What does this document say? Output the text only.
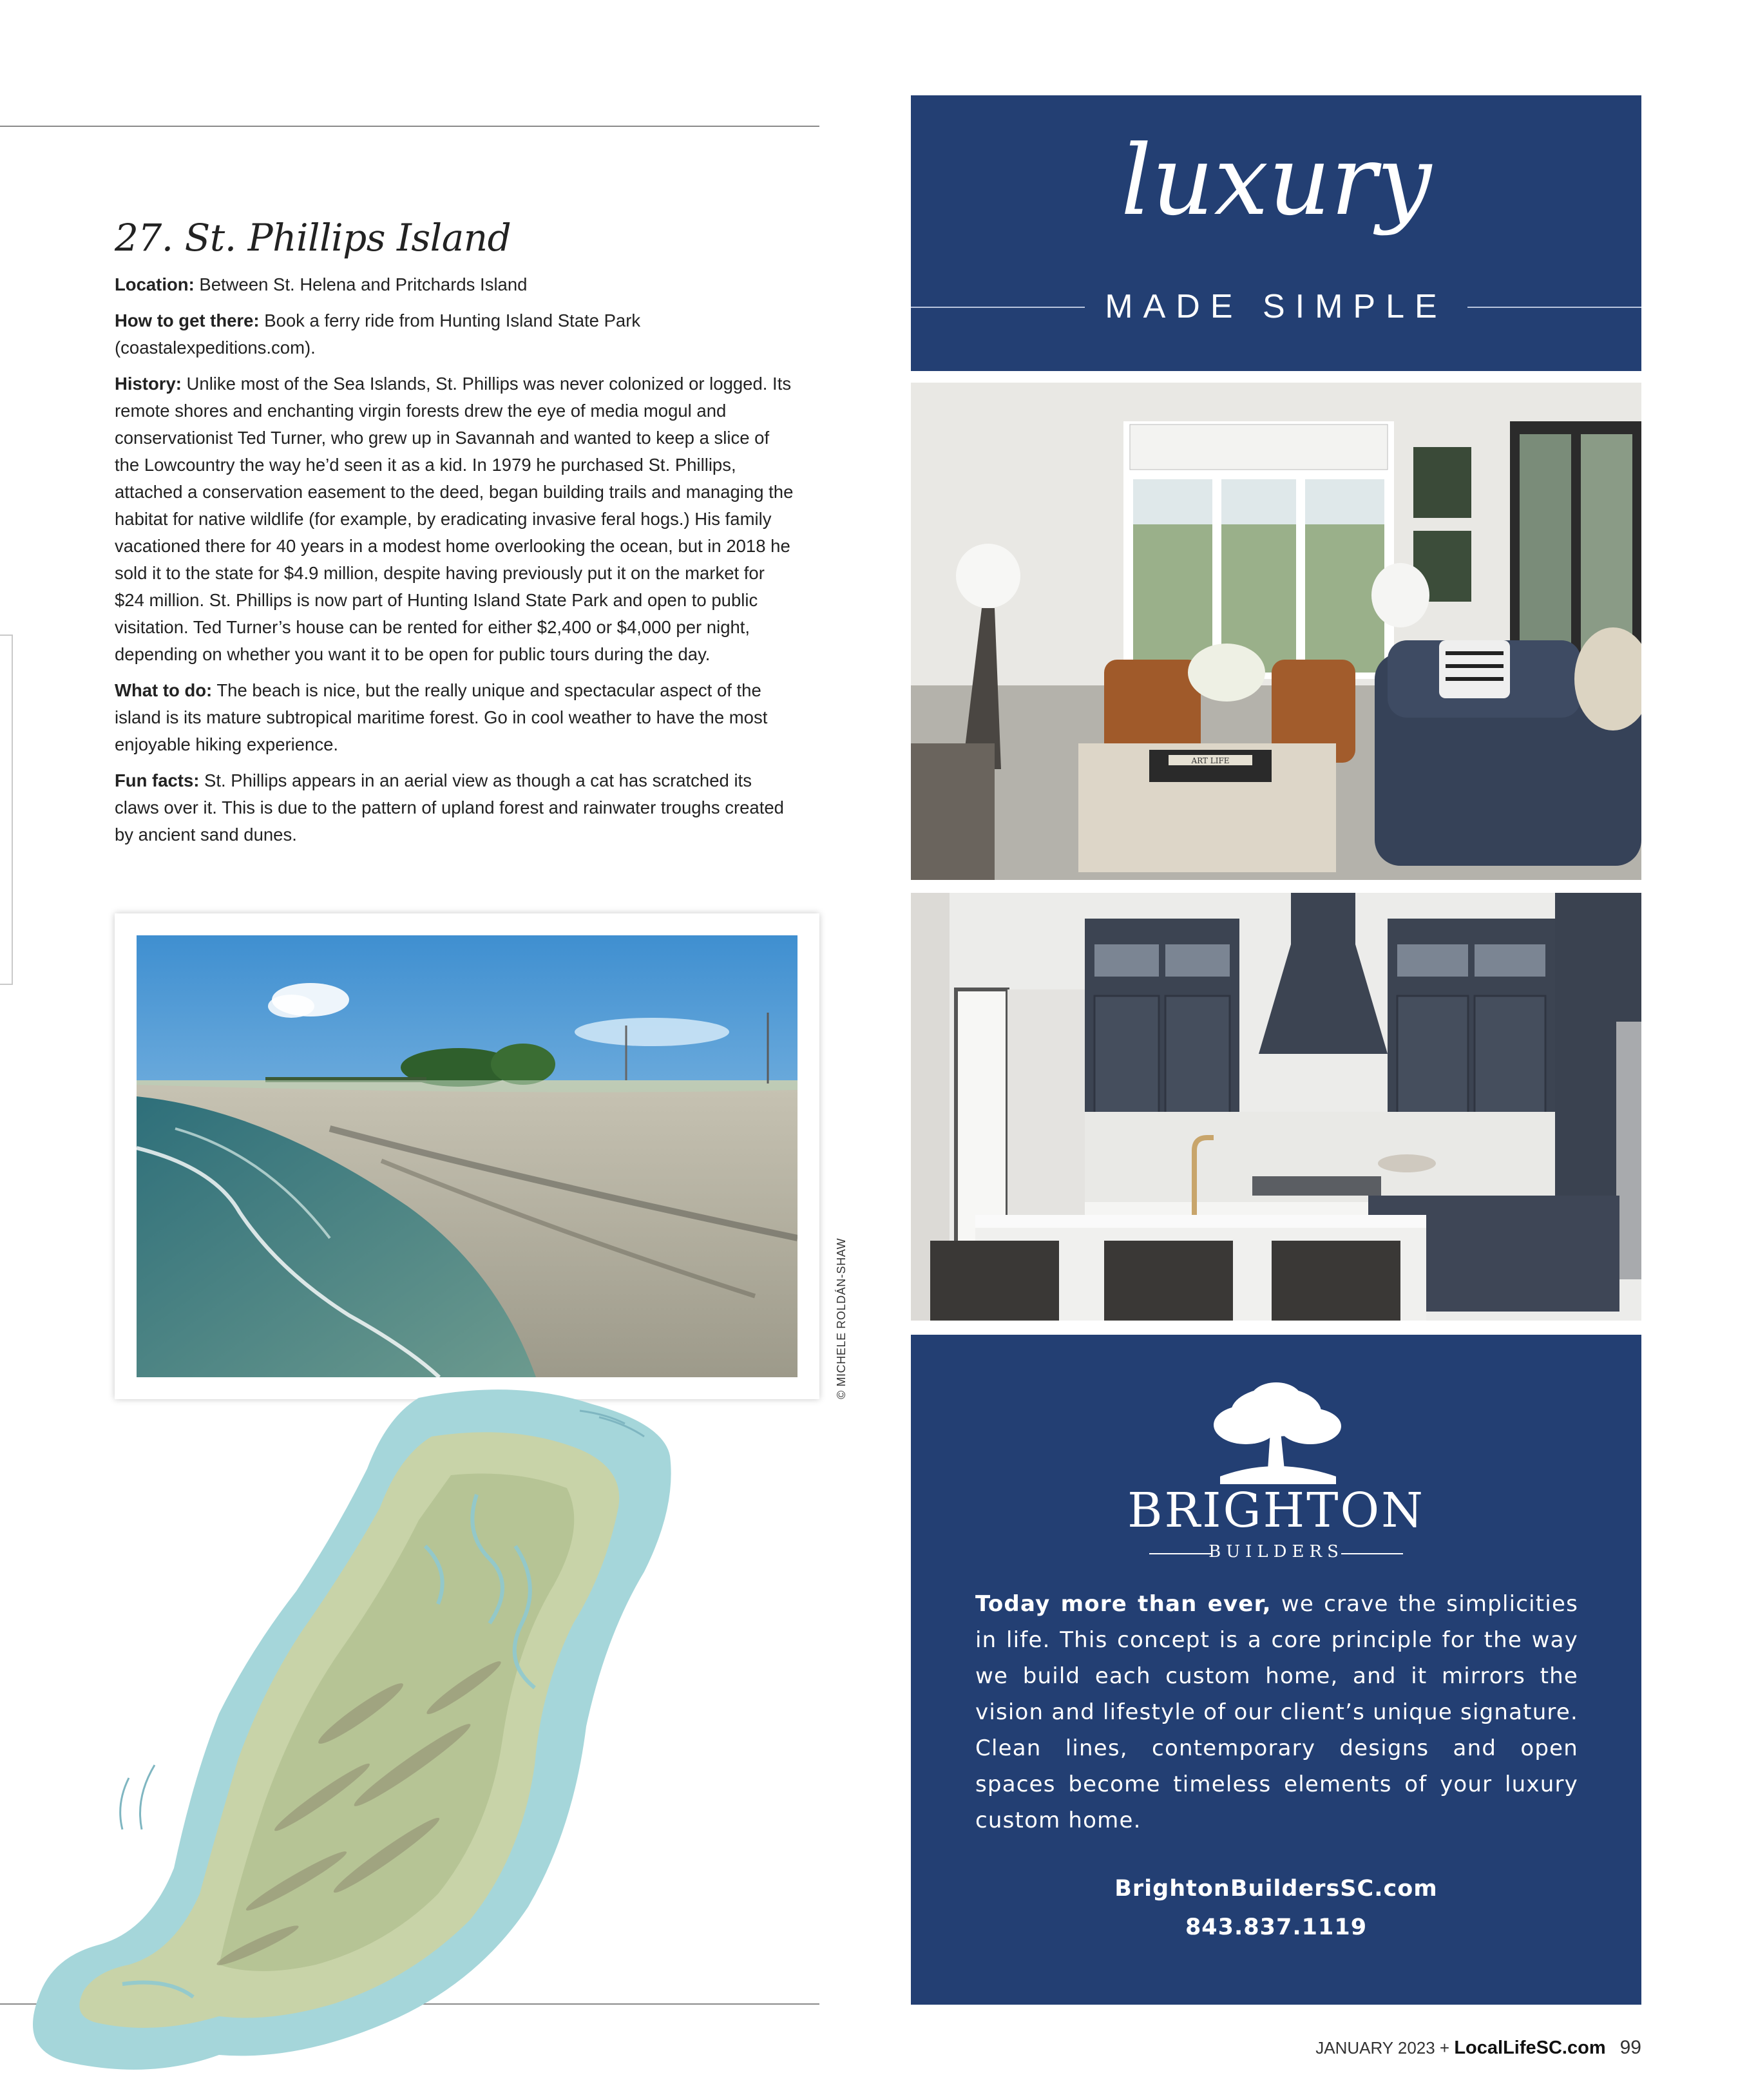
27. St. Phillips Island

Location: Between St. Helena and Pritchards Island

How to get there: Book a ferry ride from Hunting Island State Park (coastalexpeditions.com).

History: Unlike most of the Sea Islands, St. Phillips was never colonized or logged. Its remote shores and enchanting virgin forests drew the eye of media mogul and conservationist Ted Turner, who grew up in Savannah and wanted to keep a slice of the Lowcountry the way he’d seen it as a kid. In 1979 he purchased St. Phillips, attached a conservation easement to the deed, began building trails and managing the habitat for native wildlife (for example, by eradicating invasive feral hogs.) His family vacationed there for 40 years in a modest home overlooking the ocean, but in 2018 he sold it to the state for $4.9 million, despite having previously put it on the market for $24 million. St. Phillips is now part of Hunting Island State Park and open to public visitation. Ted Turner’s house can be rented for either $2,400 or $4,000 per night, depending on whether you want it to be open for public tours during the day.

What to do: The beach is nice, but the really unique and spectacular aspect of the island is its mature subtropical maritime forest. Go in cool weather to have the most enjoyable hiking experience.

Fun facts: St. Phillips appears in an aerial view as though a cat has scratched its claws over it. This is due to the pattern of upland forest and rainwater troughs created by ancient sand dunes.

© MICHELE ROLDÁN-SHAW
luxury
MADE SIMPLE
ART LIFE
BRIGHTON
BUILDERS
Today more than ever, we crave the simplicities in life. This concept is a core principle for the way we build each custom home, and it mirrors the vision and lifestyle of our client’s unique signature. Clean lines, contemporary designs and open spaces become timeless elements of your luxury custom home.
BrightonBuildersSC.com
843.837.1119
JANUARY 2023 + LocalLifeSC.com 99
